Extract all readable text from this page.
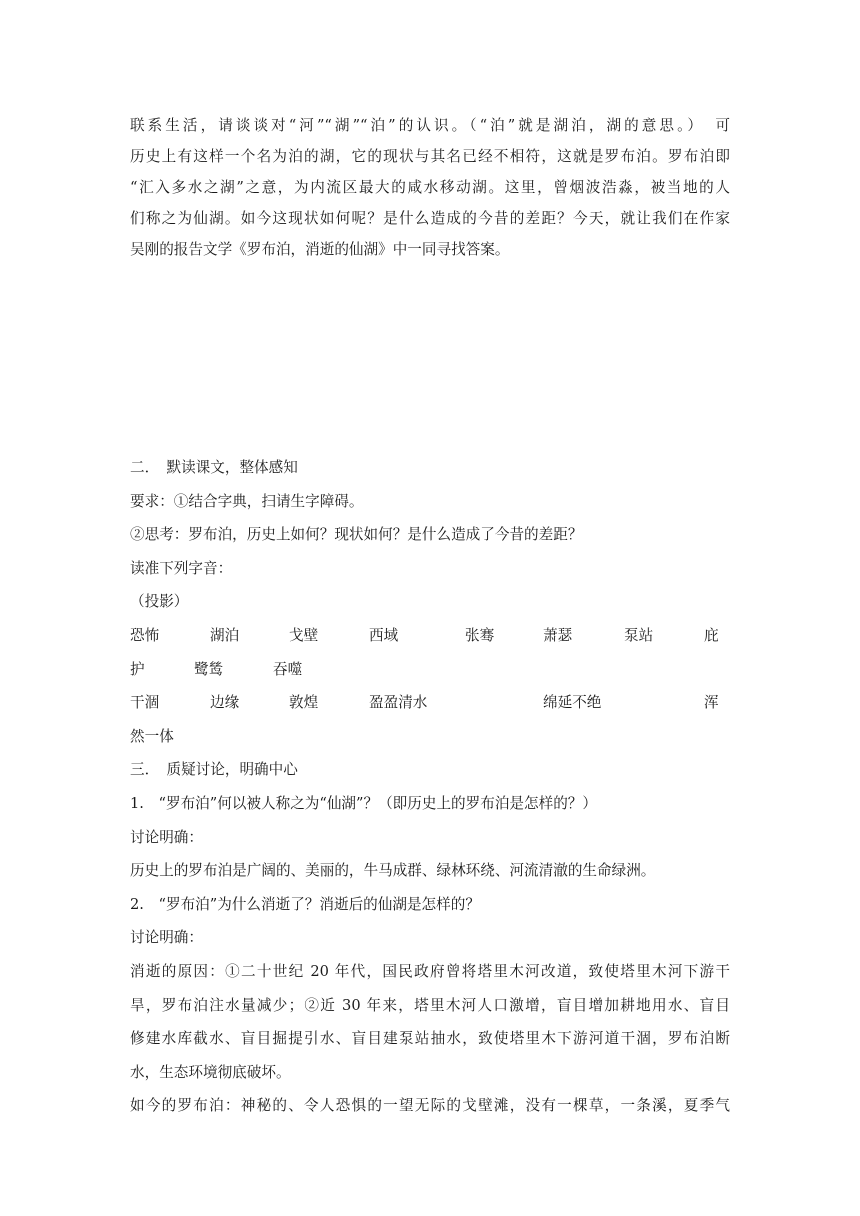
联系生活，请谈谈对“河”“湖”“泊”的认识。（“泊”就是湖泊，湖的意思。）　可

历史上有这样一个名为泊的湖，它的现状与其名已经不相符，这就是罗布泊。罗布泊即

“汇入多水之湖”之意，为内流区最大的咸水移动湖。这里，曾烟波浩淼，被当地的人

们称之为仙湖。如今这现状如何呢？是什么造成的今昔的差距？今天，就让我们在作家

吴刚的报告文学《罗布泊，消逝的仙湖》中一同寻找答案。

二．　默读课文，整体感知
要求：①结合字典，扫请生字障碍。
②思考：罗布泊，历史上如何？现状如何？是什么造成了今昔的差距？
读准下列字音：
（投影）
恐怖	湖泊	戈壁	西域	张骞	萧瑟	泵站	庇
护	鹭鸶	吞噬
干涸	边缘	敦煌	盈盈清水	绵延不绝	浑
然一体
三．　质疑讨论，明确中心
1.　“罗布泊”何以被人称之为“仙湖”？（即历史上的罗布泊是怎样的？）
讨论明确：
历史上的罗布泊是广阔的、美丽的，牛马成群、绿林环绕、河流清澈的生命绿洲。
2.　“罗布泊”为什么消逝了？消逝后的仙湖是怎样的？
讨论明确：
消逝的原因：①二十世纪 20 年代，国民政府曾将塔里木河改道，致使塔里木河下游干
旱，罗布泊注水量减少；②近 30 年来，塔里木河人口激增，盲目增加耕地用水、盲目
修建水库截水、盲目掘提引水、盲目建泵站抽水，致使塔里木下游河道干涸，罗布泊断
水，生态环境彻底破坏。
如今的罗布泊：神秘的、令人恐惧的一望无际的戈壁滩，没有一棵草，一条溪，夏季气
